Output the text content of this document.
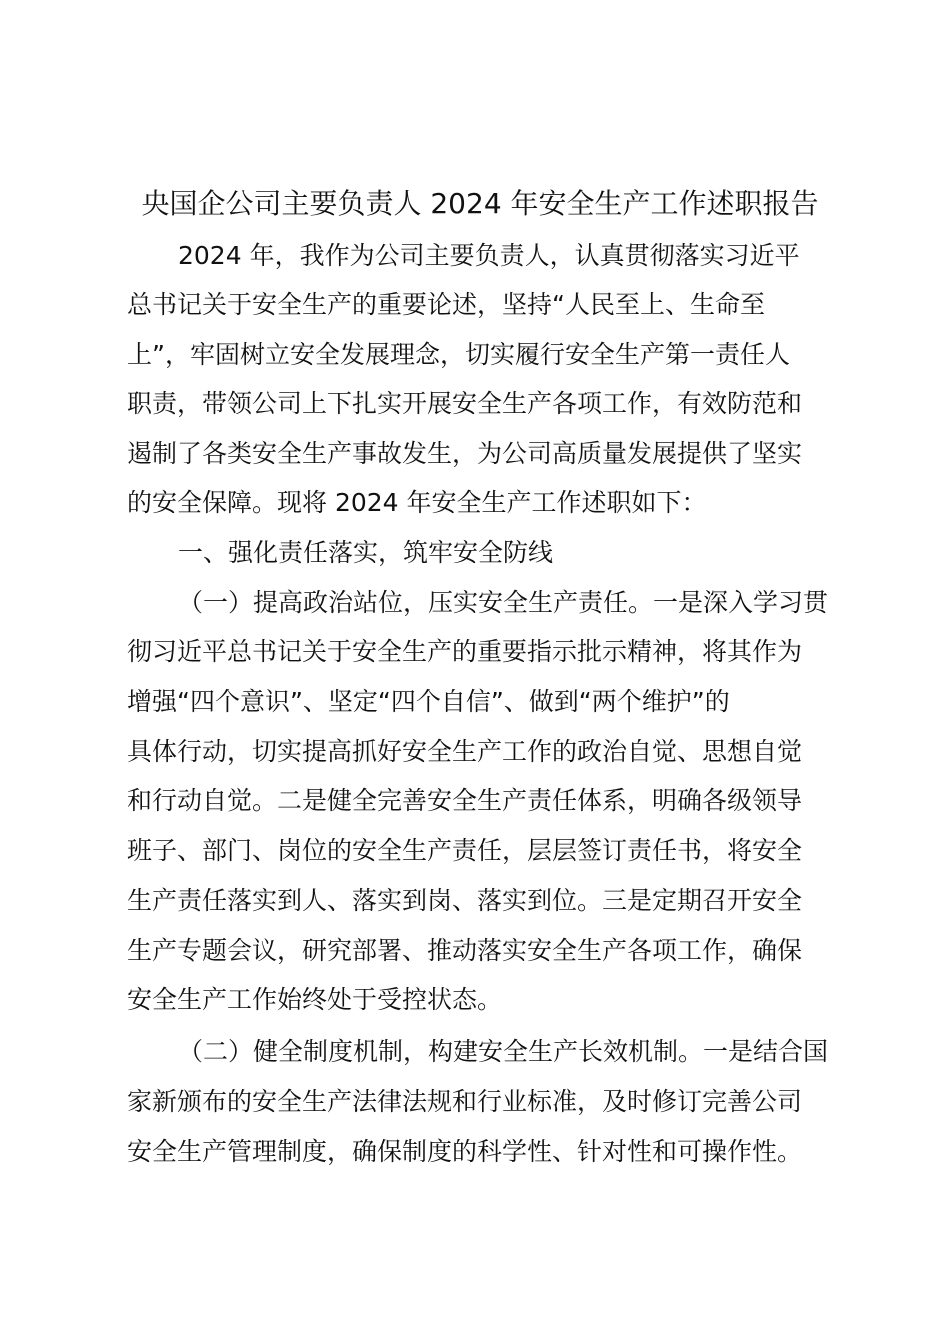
央国企公司主要负责人 2024 年安全生产工作述职报告
2024 年，我作为公司主要负责人，认真贯彻落实习近平
总书记关于安全生产的重要论述，坚持“人民至上、生命至
上”，牢固树立安全发展理念，切实履行安全生产第一责任人
职责，带领公司上下扎实开展安全生产各项工作，有效防范和
遏制了各类安全生产事故发生，为公司高质量发展提供了坚实
的安全保障。现将 2024 年安全生产工作述职如下：
一、强化责任落实，筑牢安全防线
（一）提高政治站位，压实安全生产责任。一是深入学习贯
彻习近平总书记关于安全生产的重要指示批示精神，将其作为
增强“四个意识”、坚定“四个自信”、做到“两个维护”的
具体行动，切实提高抓好安全生产工作的政治自觉、思想自觉
和行动自觉。二是健全完善安全生产责任体系，明确各级领导
班子、部门、岗位的安全生产责任，层层签订责任书，将安全
生产责任落实到人、落实到岗、落实到位。三是定期召开安全
生产专题会议，研究部署、推动落实安全生产各项工作，确保
安全生产工作始终处于受控状态。
（二）健全制度机制，构建安全生产长效机制。一是结合国
家新颁布的安全生产法律法规和行业标准，及时修订完善公司
安全生产管理制度，确保制度的科学性、针对性和可操作性。
